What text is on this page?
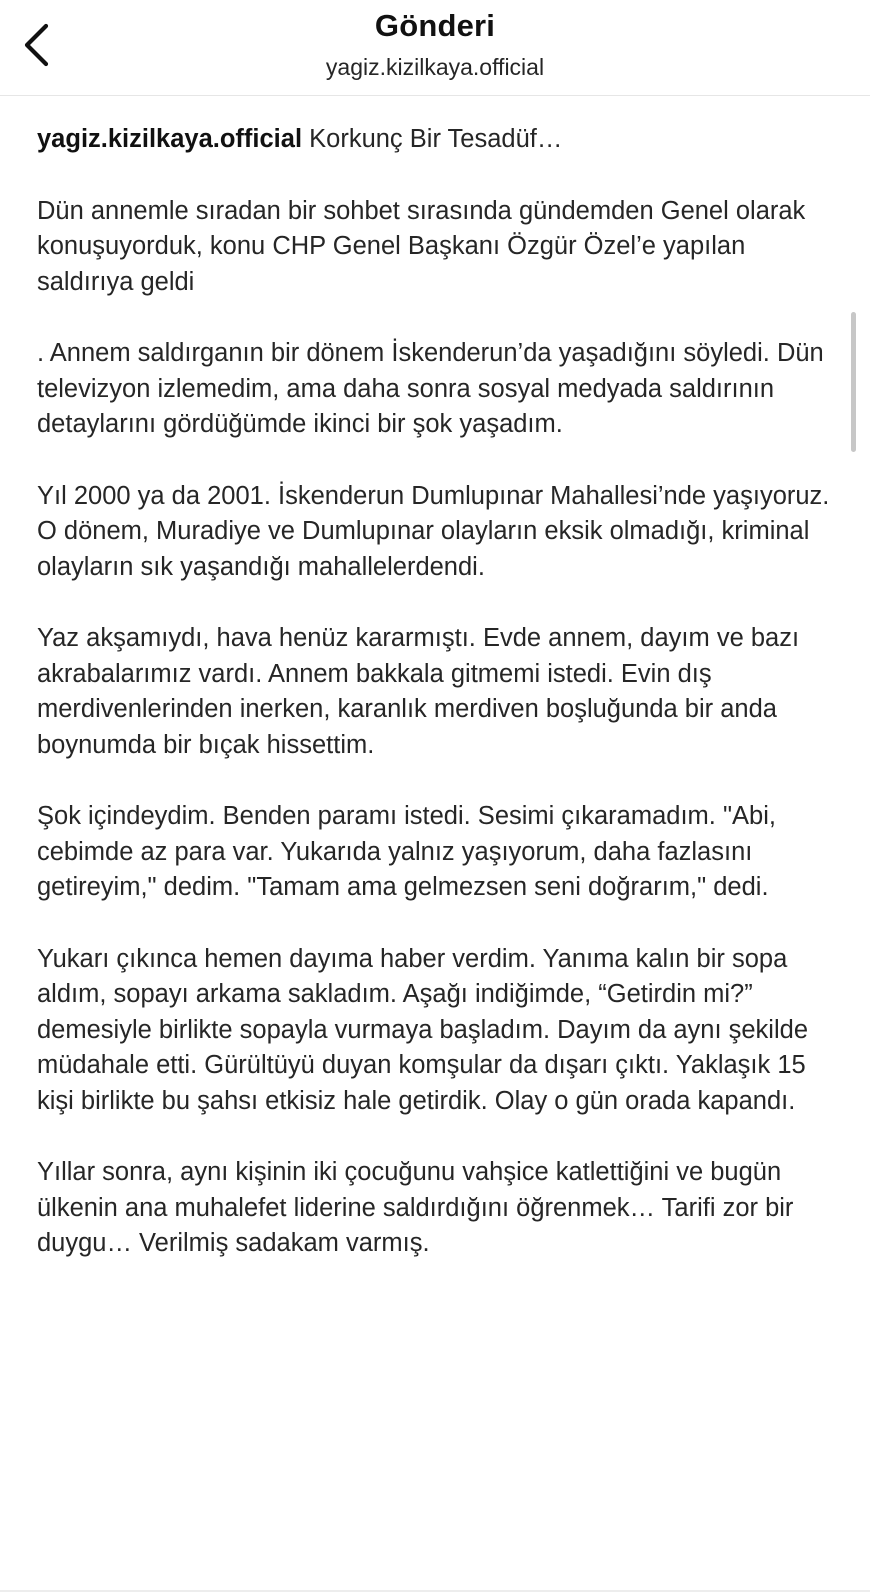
Gönderi
yagiz.kizilkaya.official

yagiz.kizilkaya.official Korkunç Bir Tesadüf…

Dün annemle sıradan bir sohbet sırasında gündemden Genel olarak konuşuyorduk, konu CHP Genel Başkanı Özgür Özel’e yapılan saldırıya geldi

. Annem saldırganın bir dönem İskenderun’da yaşadığını söyledi. Dün televizyon izlemedim, ama daha sonra sosyal medyada saldırının detaylarını gördüğümde ikinci bir şok yaşadım.

Yıl 2000 ya da 2001. İskenderun Dumlupınar Mahallesi’nde yaşıyoruz. O dönem, Muradiye ve Dumlupınar olayların eksik olmadığı, kriminal olayların sık yaşandığı mahallelerdendi.

Yaz akşamıydı, hava henüz kararmıştı. Evde annem, dayım ve bazı akrabalarımız vardı. Annem bakkala gitmemi istedi. Evin dış merdivenlerinden inerken, karanlık merdiven boşluğunda bir anda boynumda bir bıçak hissettim.

Şok içindeydim. Benden paramı istedi. Sesimi çıkaramadım. "Abi, cebimde az para var. Yukarıda yalnız yaşıyorum, daha fazlasını getireyim," dedim. "Tamam ama gelmezsen seni doğrarım," dedi.

Yukarı çıkınca hemen dayıma haber verdim. Yanıma kalın bir sopa aldım, sopayı arkama sakladım. Aşağı indiğimde, “Getirdin mi?” demesiyle birlikte sopayla vurmaya başladım. Dayım da aynı şekilde müdahale etti. Gürültüyü duyan komşular da dışarı çıktı. Yaklaşık 15 kişi birlikte bu şahsı etkisiz hale getirdik. Olay o gün orada kapandı.

Yıllar sonra, aynı kişinin iki çocuğunu vahşice katlettiğini ve bugün ülkenin ana muhalefet liderine saldırdığını öğrenmek… Tarifi zor bir duygu… Verilmiş sadakam varmış.
